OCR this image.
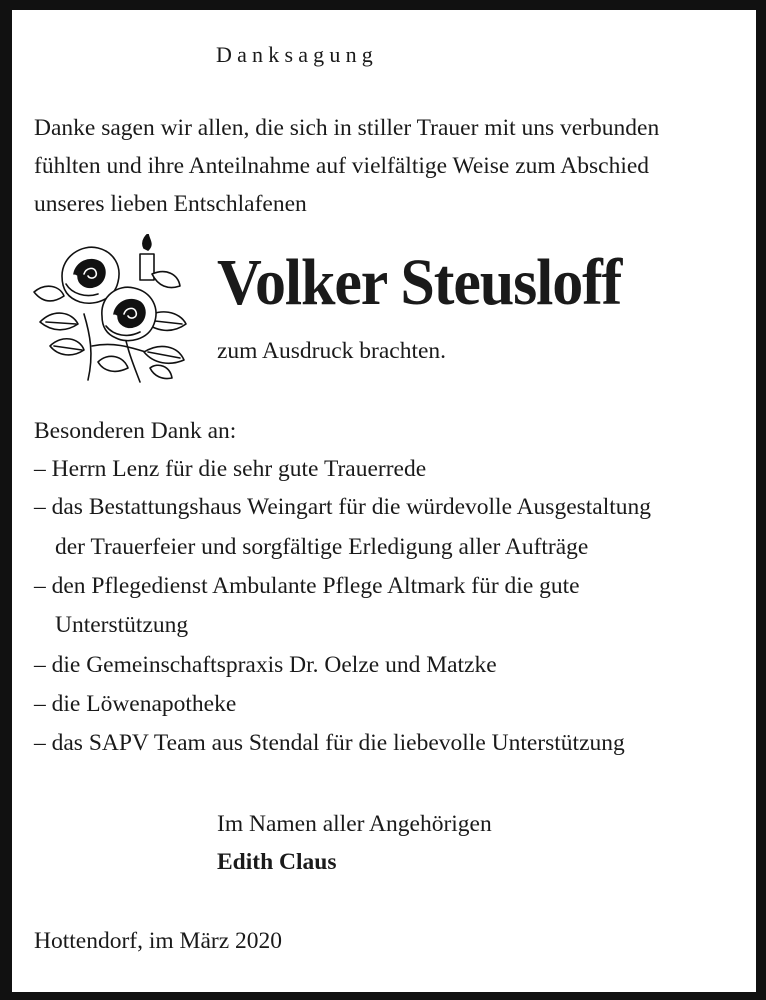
Danksagung
Danke sagen wir allen, die sich in stiller Trauer mit uns verbunden
fühlten und ihre Anteilnahme auf vielfältige Weise zum Abschied
unseres lieben Entschlafenen
Volker Steusloff
zum Ausdruck brachten.
Besonderen Dank an:
– Herrn Lenz für die sehr gute Trauerrede
– das Bestattungshaus Weingart für die würdevolle Ausgestaltung
der Trauerfeier und sorgfältige Erledigung aller Aufträge
– den Pflegedienst Ambulante Pflege Altmark für die gute
Unterstützung
– die Gemeinschaftspraxis Dr. Oelze und Matzke
– die Löwenapotheke
– das SAPV Team aus Stendal für die liebevolle Unterstützung
Im Namen aller Angehörigen
Edith Claus
Hottendorf, im März 2020
